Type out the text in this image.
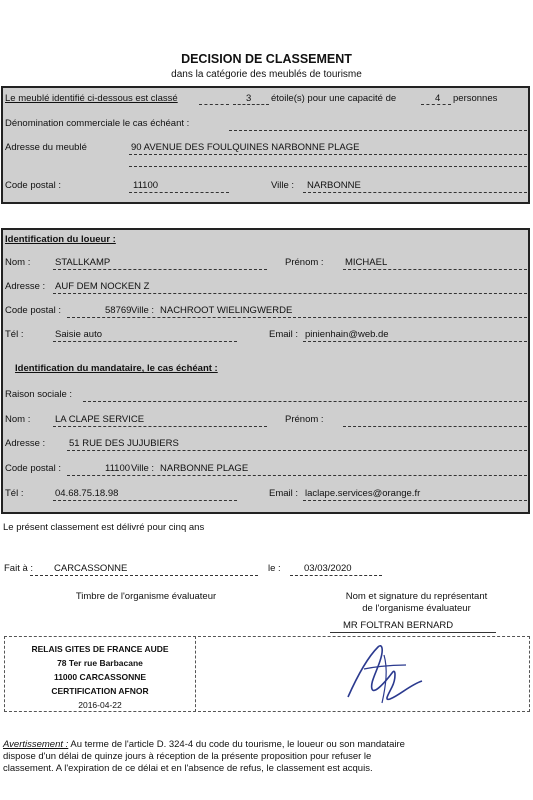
DECISION DE CLASSEMENT
dans la catégorie des meublés de tourisme
Le meublé identifié ci-dessous est classé	3 étoile(s) pour une capacité de	4 personnes
Dénomination commerciale le cas échéant :
Adresse du meublé	90 AVENUE DES FOULQUINES NARBONNE PLAGE
Code postal :	11100	Ville : NARBONNE
Identification du loueur :
Nom :	STALLKAMP	Prénom : MICHAEL
Adresse : AUF DEM NOCKEN Z
Code postal :	58769 Ville : NACHROOT WIELINGWERDE
Tél :	Saisie auto	Email : pinienhain@web.de
Identification du mandataire, le cas échéant :
Raison sociale :
Nom :	LA CLAPE SERVICE	Prénom :
Adresse :	51 RUE DES JUJUBIERS
Code postal :	11100 Ville : NARBONNE PLAGE
Tél :	04.68.75.18.98	Email : laclape.services@orange.fr
Le présent classement est délivré pour cinq ans
Fait à : CARCASSONNE	le : 03/03/2020
Timbre de l'organisme évaluateur	Nom et signature du représentant
de l'organisme évaluateur
MR FOLTRAN BERNARD
RELAIS GITES DE FRANCE AUDE
78 Ter rue Barbacane
11000 CARCASSONNE
CERTIFICATION AFNOR
2016-04-22
Avertissement : Au terme de l'article D. 324-4 du code du tourisme, le loueur ou son mandataire
dispose d'un délai de quinze jours à réception de la présente proposition pour refuser le
classement. A l'expiration de ce délai et en l'absence de refus, le classement est acquis.
